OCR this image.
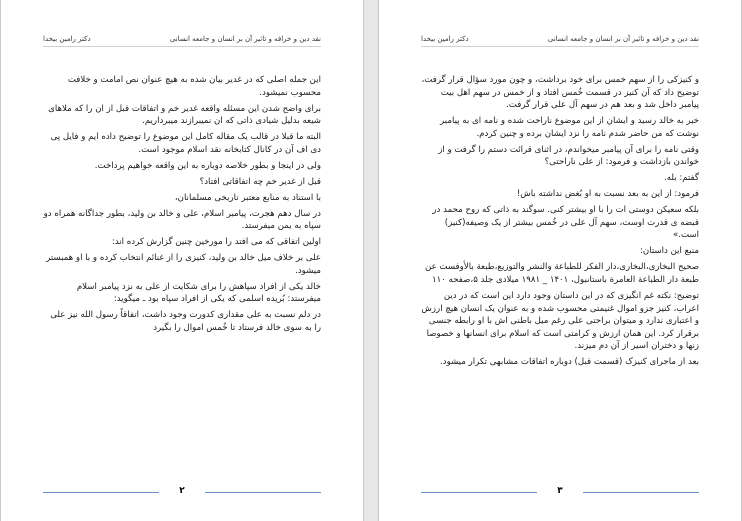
نقد دین و خرافه و تاثیر آن بر انسان و جامعه انسانی
دکتر رامین بیخدا

این جمله اصلی که در غدیر بیان شده به هیچ عنوان نص امامت و خلافت محسوب نمیشود.

برای واضح شدن این مسئله واقعه غدیر خم و اتفاقات قبل از ان را که ملاهای شیعه بدلیل شیادی ذاتی که ان نمیبرازند میبرداریم.

البته ما قبلا در قالب یک مقاله کامل این موضوع را توضیح داده ایم و فایل پی دی اف آن در کانال کتابخانه نقد اسلام موجود است.

ولی در اینجا و بطور خلاصه دوباره به این واقعه خواهیم پرداخت.

قبل از غدیر خم چه اتفاقاتی افتاد؟

با استناد به منابع معتبر تاریخی مسلمانان،

در سال دهم هجرت، پیامبر اسلام، علی و خالد بن ولید، بطور جداگانه همراه دو سپاه به یمن میفرستد.

اولین اتفاقی که می افتد را مورخین چنین گزارش کرده اند:

علی بر خلاف میل خالد بن ولید، کنیزی را از غنائم انتخاب کرده و با او همبستر میشود.

خالد یکی از افراد سپاهش را برای شکایت از علی به نزد پیامبر اسلام میفرستد: بُریده اسلمی که یکی از افراد سپاه بود ـ میگوید:

در دلم نسبت به علی مقداری کدورت وجود داشت، اتفاقاً رسول الله نیز علی را به سوی خالد فرستاد تا خُمس اموال را بگیرد

۲
نقد دین و خرافه و تاثیر آن بر انسان و جامعه انسانی
دکتر رامین بیخدا

و کنیزکی را از سهم خمس برای خود برداشت، و چون مورد سؤال قرار گرفت، توضیح داد که آن کنیز در قسمت خُمس افتاد و از خمس در سهم اهل بیت پیامبر داخل شد و بعد هم در سهم آل علی قرار گرفت.

خبر به خالد رسید و ایشان از این موضوع ناراحت شده و نامه ای به پیامبر نوشت که من حاضر شدم نامه را نزد ایشان برده و چنین کردم.

وقتی نامه را برای آن پیامبر میخواندم، در اثنای قرائت دستم را گرفت و از خواندن بازداشت و فرمود: از علی ناراحتی؟

گفتم: بله.

فرمود: از این به بعد نسبت به او بُغض نداشته باش!

بلکه سعیکن دوستی ات را با او بیشتر کنی. سوگند به ذاتی که روح محمد در قبضه ی قدرت اوست، سهم آل علی در خُمس بیشتر از یک وصیفه(کنیز) است.»

منبع این داستان:

صحیح البخاری،البخاری،دار الفکر للطباعة والنشر والتوزیع،طبعة بالأوفست عن طبعة دار الطباعة العامرة باستانبول، ۱۴۰۱ _ ۱۹۸۱ میلادی جلد ۵،صفحه ۱۱۰

توضیح: نکته غم انگیزی که در این داستان وجود دارد این است که در دین اعراب، کنیز جزو اموال غنیمتی محسوب شده و به عنوان یک انسان هیچ ارزش و اعتباری ندارد و میتوان براحتی علی رغم میل باطنی اش با او رابطه جنسی برقرار کرد. این همان ارزش و کرامتی است که اسلام برای انسانها و خصوصا زنها و دختران اسیر از آن دم میزند.

بعد از ماجرای کنیزک (قسمت قبل) دوباره اتفاقات مشابهی تکرار میشود.

۳
